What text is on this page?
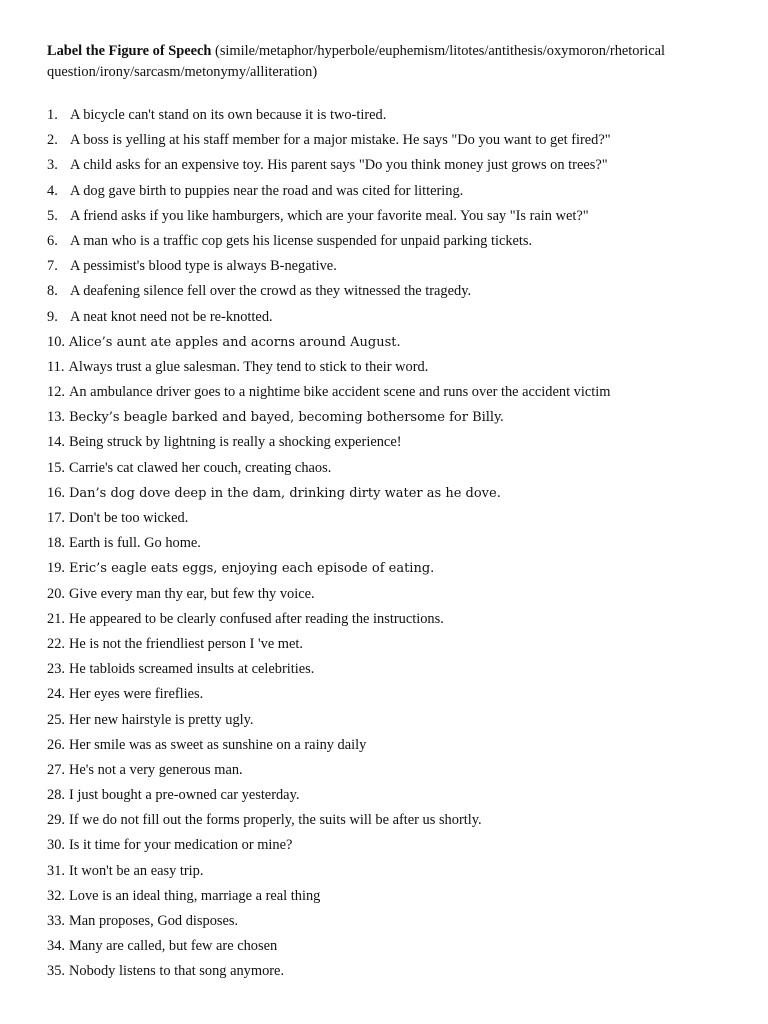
Label the Figure of Speech (simile/metaphor/hyperbole/euphemism/litotes/antithesis/oxymoron/rhetorical question/irony/sarcasm/metonymy/alliteration)
1. A bicycle can't stand on its own because it is two-tired.
2. A boss is yelling at his staff member for a major mistake. He says "Do you want to get fired?"
3. A child asks for an expensive toy. His parent says "Do you think money just grows on trees?"
4. A dog gave birth to puppies near the road and was cited for littering.
5. A friend asks if you like hamburgers, which are your favorite meal. You say "Is rain wet?"
6. A man who is a traffic cop gets his license suspended for unpaid parking tickets.
7. A pessimist's blood type is always B-negative.
8. A deafening silence fell over the crowd as they witnessed the tragedy.
9. A neat knot need not be re-knotted.
10. Alice’s aunt ate apples and acorns around August.
11. Always trust a glue salesman. They tend to stick to their word.
12. An ambulance driver goes to a nightime bike accident scene and runs over the accident victim
13. Becky’s beagle barked and bayed, becoming bothersome for Billy.
14. Being struck by lightning is really a shocking experience!
15. Carrie's cat clawed her couch, creating chaos.
16. Dan’s dog dove deep in the dam, drinking dirty water as he dove.
17. Don't be too wicked.
18. Earth is full. Go home.
19. Eric’s eagle eats eggs, enjoying each episode of eating.
20. Give every man thy ear, but few thy voice.
21. He appeared to be clearly confused after reading the instructions.
22. He is not the friendliest person I 've met.
23. He tabloids screamed insults at celebrities.
24. Her eyes were fireflies.
25. Her new hairstyle is pretty ugly.
26. Her smile was as sweet as sunshine on a rainy daily
27. He's not a very generous man.
28. I just bought a pre-owned car yesterday.
29. If we do not fill out the forms properly, the suits will be after us shortly.
30. Is it time for your medication or mine?
31. It won't be an easy trip.
32. Love is an ideal thing, marriage a real thing
33. Man proposes, God disposes.
34. Many are called, but few are chosen
35. Nobody listens to that song anymore.
